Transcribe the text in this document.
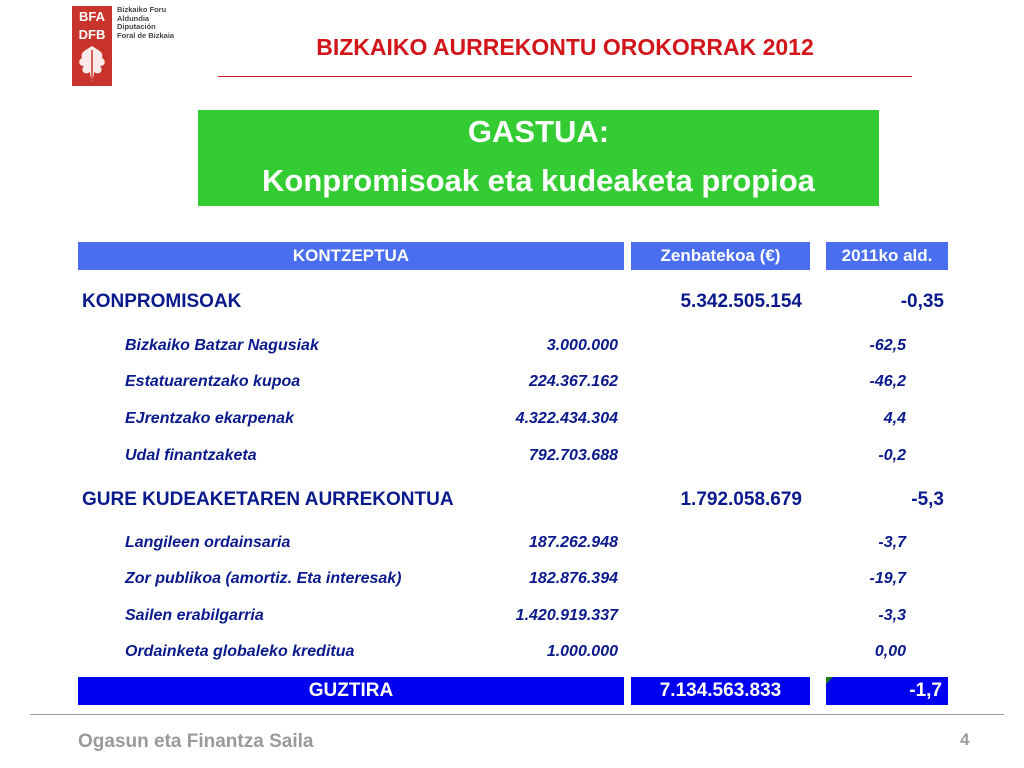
BFA
DFB
Bizkaiko Foru
Aldundia
Diputación
Foral de Bizkaia	BIZKAIKO AURREKONTU OROKORRAK 2012
GASTUA:
Konpromisoak eta kudeaketa propioa
KONTZEPTUA	Zenbatekoa (€)	2011ko ald.
KONPROMISOAK	5.342.505.154	-0,35
Bizkaiko Batzar Nagusiak	3.000.000	-62,5
Estatuarentzako kupoa	224.367.162	-46,2
EJrentzako ekarpenak	4.322.434.304	4,4
Udal finantzaketa	792.703.688	-0,2
GURE KUDEAKETAREN AURREKONTUA	1.792.058.679	-5,3
Langileen ordainsaria	187.262.948	-3,7
Zor publikoa (amortiz. Eta interesak)	182.876.394	-19,7
Sailen erabilgarria	1.420.919.337	-3,3
Ordainketa globaleko kreditua	1.000.000	0,00
GUZTIRA	7.134.563.833	-1,7
Ogasun eta Finantza Saila	4
